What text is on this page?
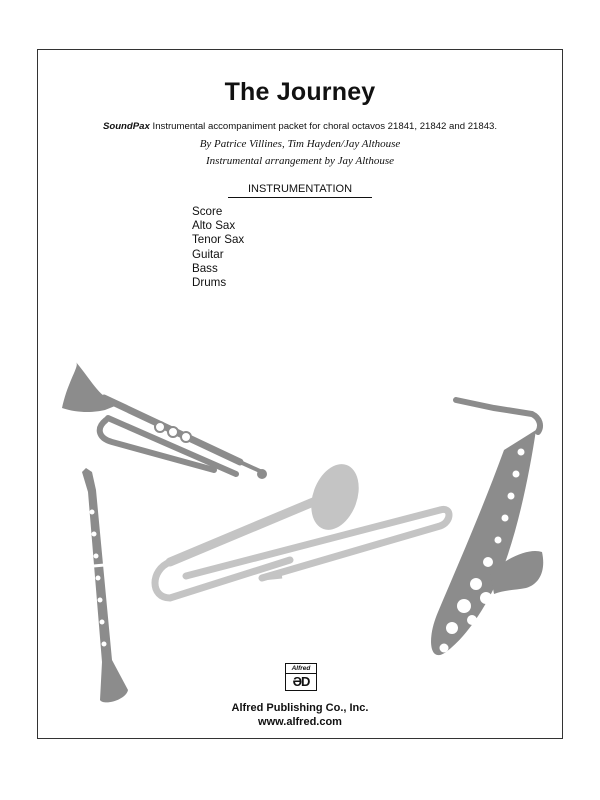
The Journey
SoundPax Instrumental accompaniment packet for choral octavos 21841, 21842 and 21843.
By Patrice Villines, Tim Hayden/Jay Althouse
Instrumental arrangement by Jay Althouse
INSTRUMENTATION
Score
Alto Sax
Tenor Sax
Guitar
Bass
Drums
Alfred
ƏD
Alfred Publishing Co., Inc.
www.alfred.com
